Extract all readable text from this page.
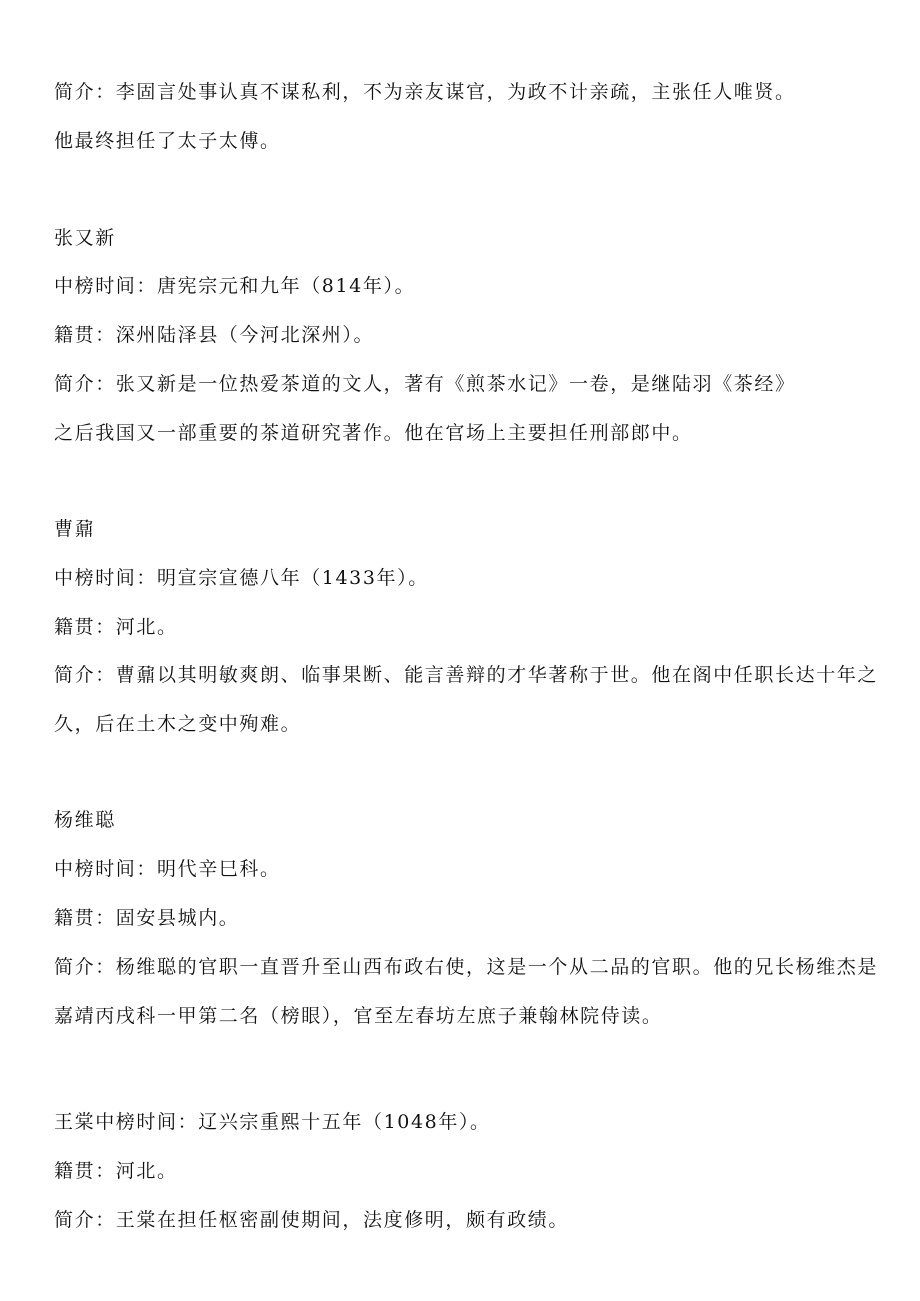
简介：李固言处事认真不谋私利，不为亲友谋官，为政不计亲疏，主张任人唯贤。
他最终担任了太子太傅。
张又新
中榜时间：唐宪宗元和九年（814年）。
籍贯：深州陆泽县（今河北深州）。
简介：张又新是一位热爱茶道的文人，著有《煎茶水记》一卷，是继陆羽《茶经》
之后我国又一部重要的茶道研究著作。他在官场上主要担任刑部郎中。
曹鼐
中榜时间：明宣宗宣德八年（1433年）。
籍贯：河北。
简介：曹鼐以其明敏爽朗、临事果断、能言善辩的才华著称于世。他在阁中任职长达十年之
久，后在土木之变中殉难。
杨维聪
中榜时间：明代辛巳科。
籍贯：固安县城内。
简介：杨维聪的官职一直晋升至山西布政右使，这是一个从二品的官职。他的兄长杨维杰是
嘉靖丙戌科一甲第二名（榜眼），官至左春坊左庶子兼翰林院侍读。
王棠中榜时间：辽兴宗重熙十五年（1048年）。
籍贯：河北。
简介：王棠在担任枢密副使期间，法度修明，颇有政绩。
